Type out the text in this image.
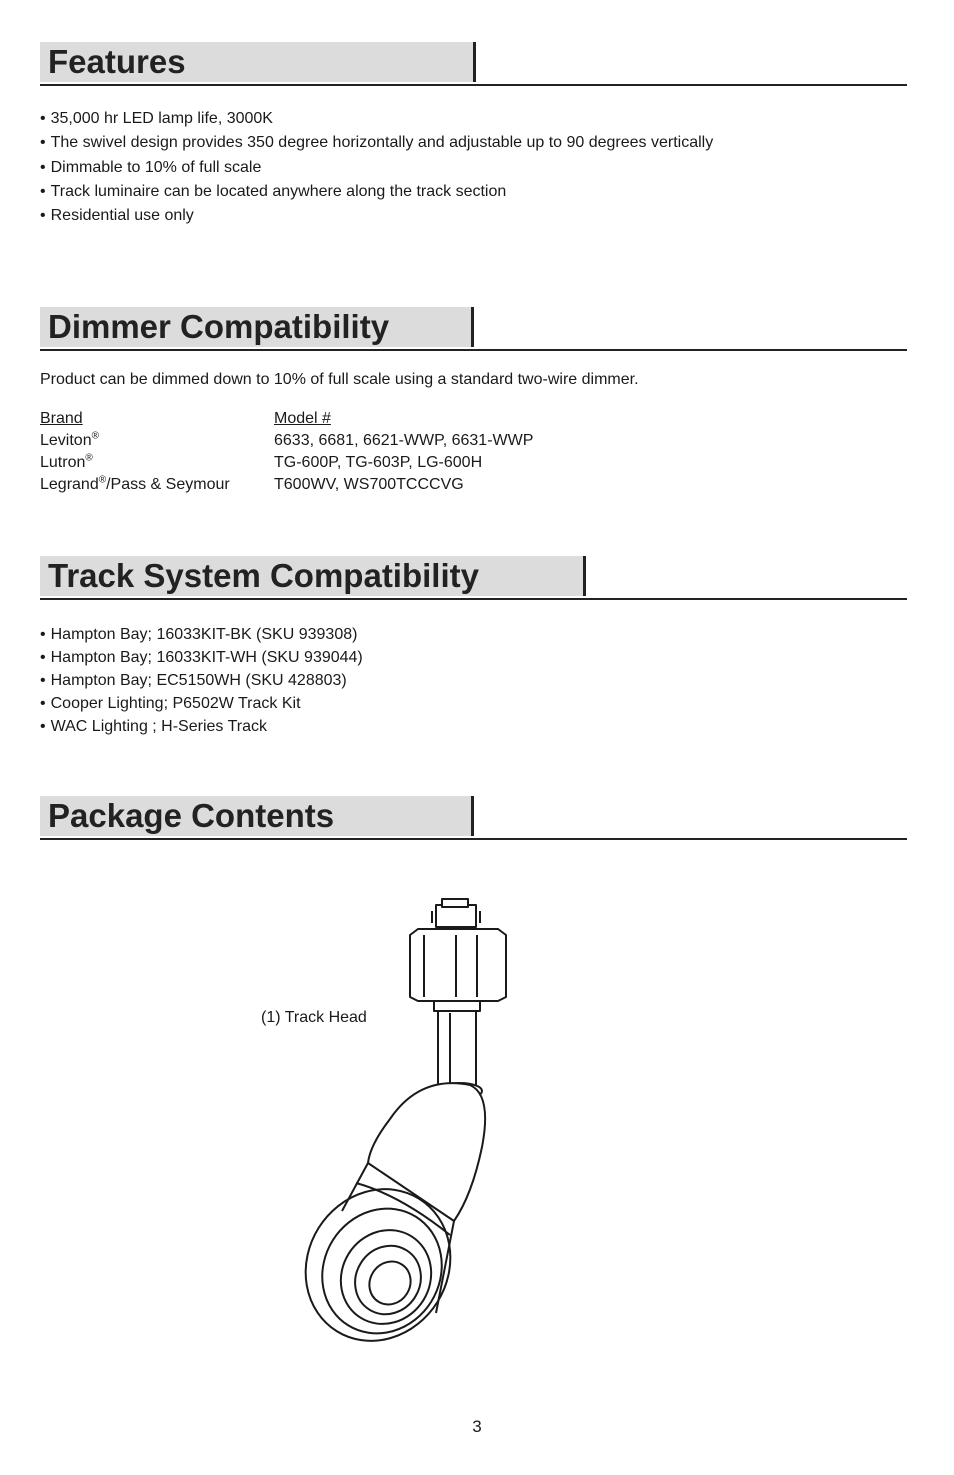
Features
• 35,000 hr LED lamp life, 3000K
• The swivel design provides 350 degree horizontally and adjustable up to 90 degrees vertically
• Dimmable to 10% of full scale
• Track luminaire can be located anywhere along the track section
• Residential use only
Dimmer Compatibility
Product can be dimmed down to 10% of full scale using a standard two-wire dimmer.
Brand	Model #
Leviton®	6633, 6681, 6621-WWP, 6631-WWP
Lutron®	TG-600P, TG-603P, LG-600H
Legrand®/Pass & Seymour	T600WV, WS700TCCCVG
Track System Compatibility
• Hampton Bay; 16033KIT-BK (SKU 939308)
• Hampton Bay; 16033KIT-WH (SKU 939044)
• Hampton Bay; EC5150WH (SKU 428803)
• Cooper Lighting; P6502W Track Kit
• WAC Lighting ; H-Series Track
Package Contents
(1) Track Head
3
